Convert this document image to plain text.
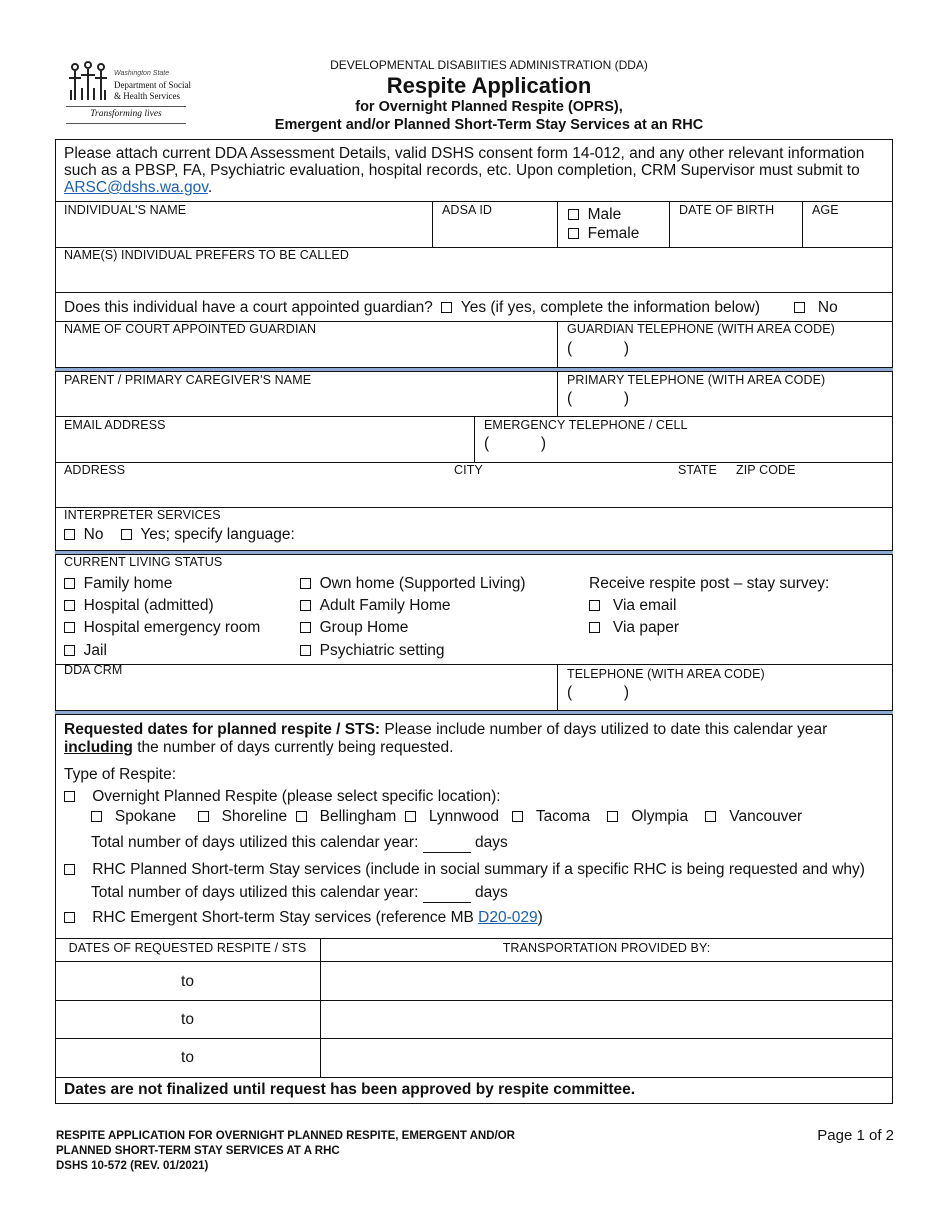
Washington State
Department of Social
& Health Services
Transforming lives
DEVELOPMENTAL DISABIITIES ADMINISTRATION (DDA)
Respite Application
for Overnight Planned Respite (OPRS),
Emergent and/or Planned Short-Term Stay Services at an RHC
Please attach current DDA Assessment Details, valid DSHS consent form 14-012, and any other relevant information
such as a PBSP, FA, Psychiatric evaluation, hospital records, etc. Upon completion, CRM Supervisor must submit to
ARSC@dshs.wa.gov.
INDIVIDUAL'S NAME	ADSA ID	Male
Female
DATE OF BIRTH	AGE
NAME(S) INDIVIDUAL PREFERS TO BE CALLED
Does this individual have a court appointed guardian? Yes (if yes, complete the information below)	No
NAME OF COURT APPOINTED GUARDIAN	GUARDIAN TELEPHONE (WITH AREA CODE)
(            )
PARENT / PRIMARY CAREGIVER'S NAME	PRIMARY TELEPHONE (WITH AREA CODE)
(            )
EMAIL ADDRESS	EMERGENCY TELEPHONE / CELL
(            )
ADDRESS	CITY	STATE ZIP CODE
INTERPRETER SERVICES
No Yes; specify language:
CURRENT LIVING STATUS
Family home
Hospital (admitted)
Hospital emergency room
Jail
Own home (Supported Living)
Adult Family Home
Group Home
Psychiatric setting
Receive respite post – stay survey:
Via email
Via paper
DDA CRM	TELEPHONE (WITH AREA CODE)
(            )
Requested dates for planned respite / STS: Please include number of days utilized to date this calendar year
including the number of days currently being requested.
Type of Respite:
Overnight Planned Respite (please select specific location):
Spokane	Shoreline Bellingham Lynnwood Tacoma	Olympia	Vancouver
Total number of days utilized this calendar year:	days
RHC Planned Short-term Stay services (include in social summary if a specific RHC is being requested and why)
Total number of days utilized this calendar year:	days
RHC Emergent Short-term Stay services (reference MB D20-029)
DATES OF REQUESTED RESPITE / STS	TRANSPORTATION PROVIDED BY:
to
to
to
Dates are not finalized until request has been approved by respite committee.
RESPITE APPLICATION FOR OVERNIGHT PLANNED RESPITE, EMERGENT AND/OR
PLANNED SHORT-TERM STAY SERVICES AT A RHC
DSHS 10-572 (REV. 01/2021)
Page 1 of 2
